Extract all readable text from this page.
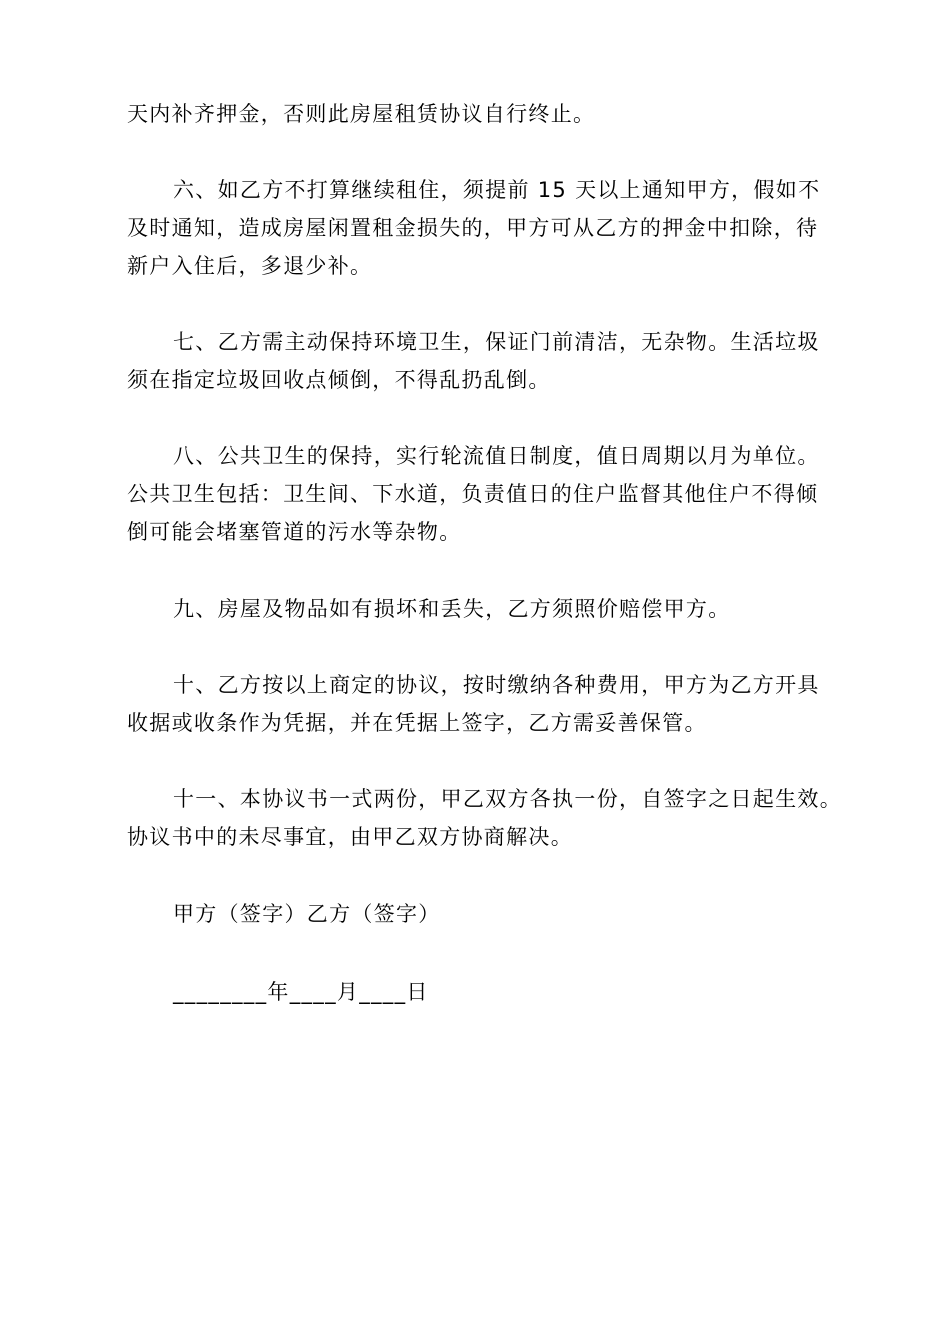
天内补齐押金，否则此房屋租赁协议自行终止。
六、如乙方不打算继续租住，须提前 15 天以上通知甲方，假如不
及时通知，造成房屋闲置租金损失的，甲方可从乙方的押金中扣除，待
新户入住后，多退少补。
七、乙方需主动保持环境卫生，保证门前清洁，无杂物。生活垃圾
须在指定垃圾回收点倾倒，不得乱扔乱倒。
八、公共卫生的保持，实行轮流值日制度，值日周期以月为单位。
公共卫生包括：卫生间、下水道，负责值日的住户监督其他住户不得倾
倒可能会堵塞管道的污水等杂物。
九、房屋及物品如有损坏和丢失，乙方须照价赔偿甲方。
十、乙方按以上商定的协议，按时缴纳各种费用，甲方为乙方开具
收据或收条作为凭据，并在凭据上签字，乙方需妥善保管。
十一、本协议书一式两份，甲乙双方各执一份，自签字之日起生效。
协议书中的未尽事宜，由甲乙双方协商解决。
甲方（签字）乙方（签字）
________年____月____日
